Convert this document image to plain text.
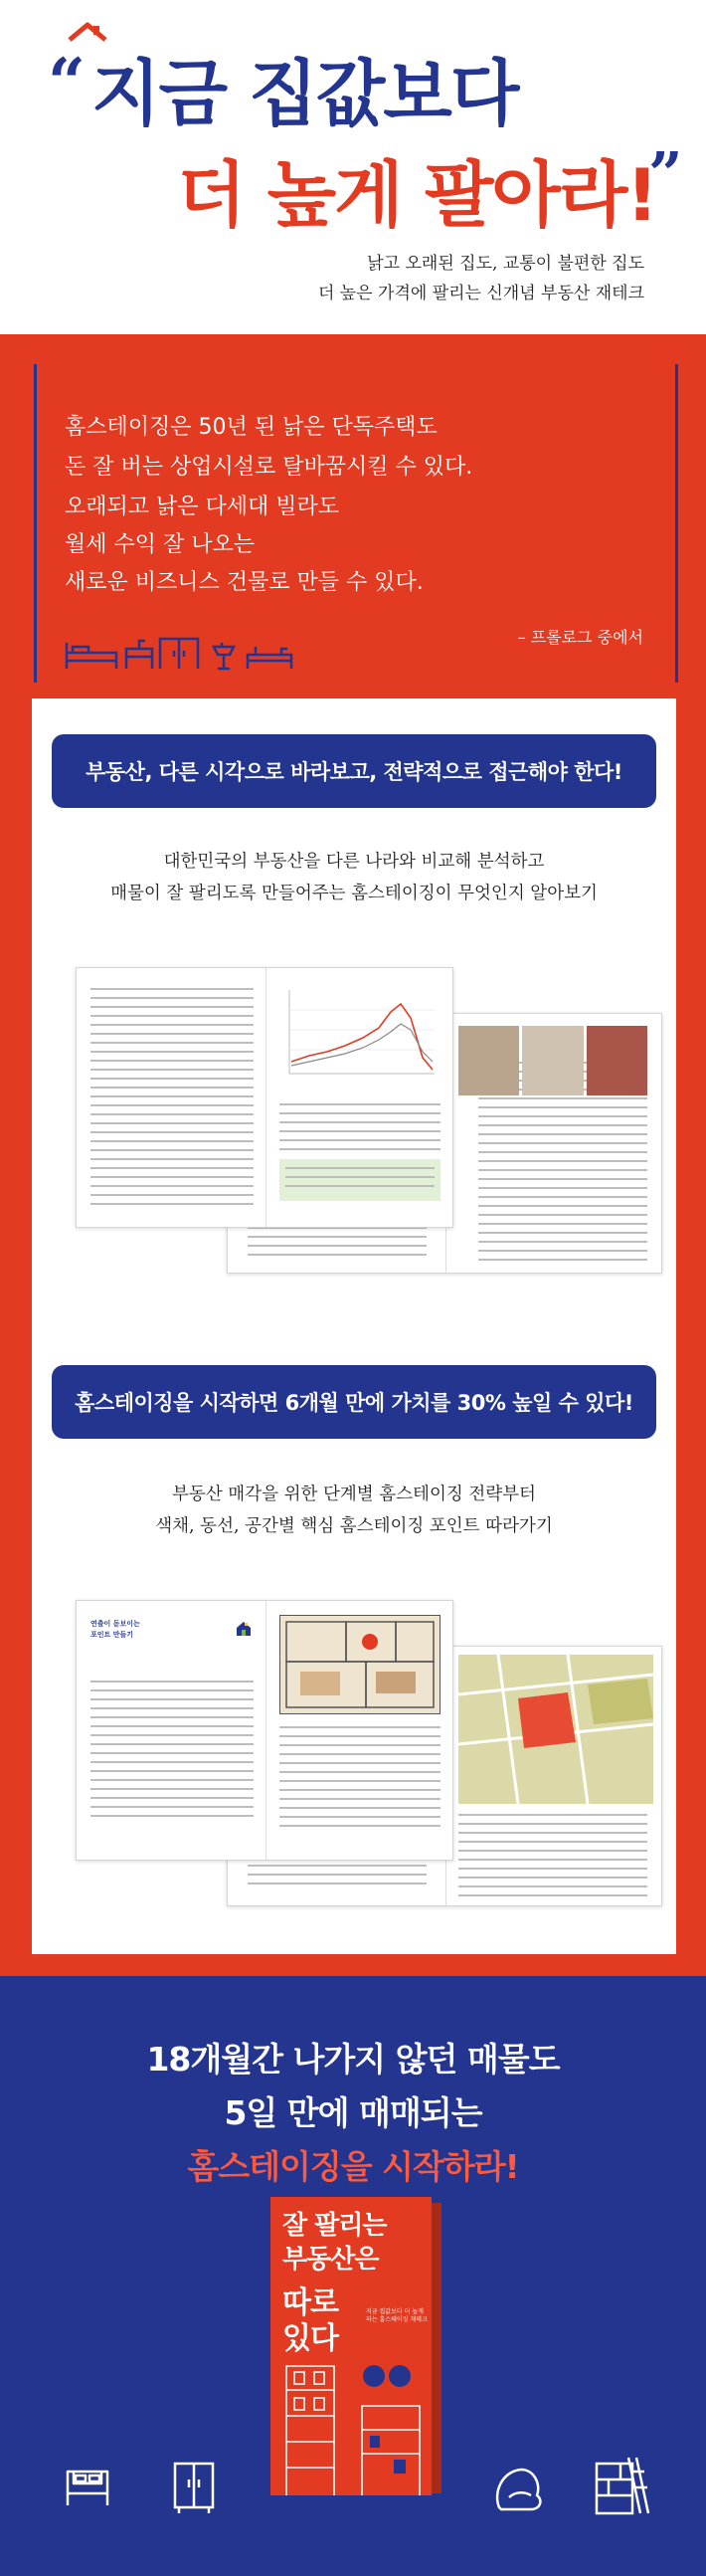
“ 지금 집값보다
더 높게 팔아라!
”
낡고 오래된 집도, 교통이 불편한 집도
더 높은 가격에 팔리는 신개념 부동산 재테크
홈스테이징은 50년 된 낡은 단독주택도
돈 잘 버는 상업시설로 탈바꿈시킬 수 있다.
오래되고 낡은 다세대 빌라도
월세 수익 잘 나오는
새로운 비즈니스 건물로 만들 수 있다.
– 프롤로그 중에서
부동산, 다른 시각으로 바라보고, 전략적으로 접근해야 한다!
대한민국의 부동산을 다른 나라와 비교해 분석하고
매물이 잘 팔리도록 만들어주는 홈스테이징이 무엇인지 알아보기
홈스테이징을 시작하면 6개월 만에 가치를 30% 높일 수 있다!
부동산 매각을 위한 단계별 홈스테이징 전략부터
색채, 동선, 공간별 핵심 홈스테이징 포인트 따라가기
연출이 돋보이는
포인트 만들기
18개월간 나가지 않던 매물도
5일 만에 매매되는
홈스테이징을 시작하라!
잘 팔리는
부동산은
따로
있다
지금 집값보다 더 높게 파는 홈스테이징 재테크
